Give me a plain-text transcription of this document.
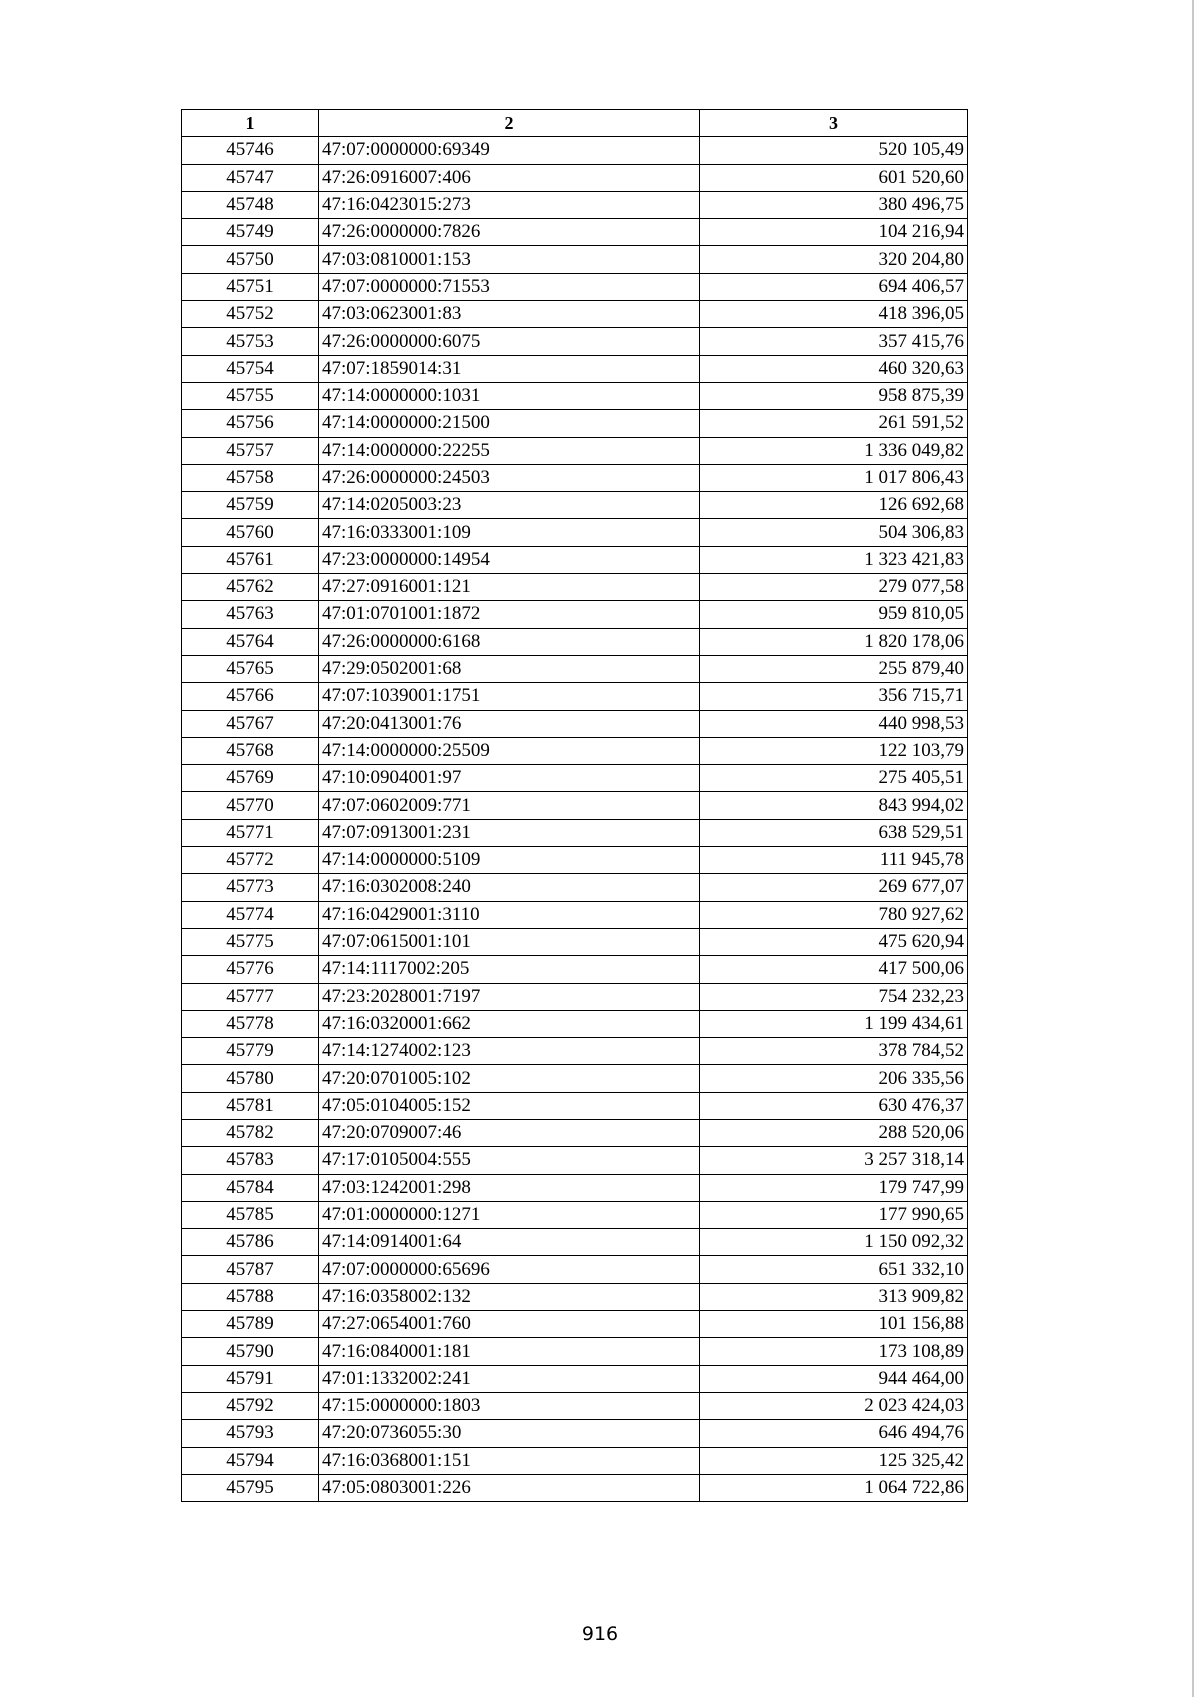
1	2	3
45746	47:07:0000000:69349	520 105,49
45747	47:26:0916007:406	601 520,60
45748	47:16:0423015:273	380 496,75
45749	47:26:0000000:7826	104 216,94
45750	47:03:0810001:153	320 204,80
45751	47:07:0000000:71553	694 406,57
45752	47:03:0623001:83	418 396,05
45753	47:26:0000000:6075	357 415,76
45754	47:07:1859014:31	460 320,63
45755	47:14:0000000:1031	958 875,39
45756	47:14:0000000:21500	261 591,52
45757	47:14:0000000:22255	1 336 049,82
45758	47:26:0000000:24503	1 017 806,43
45759	47:14:0205003:23	126 692,68
45760	47:16:0333001:109	504 306,83
45761	47:23:0000000:14954	1 323 421,83
45762	47:27:0916001:121	279 077,58
45763	47:01:0701001:1872	959 810,05
45764	47:26:0000000:6168	1 820 178,06
45765	47:29:0502001:68	255 879,40
45766	47:07:1039001:1751	356 715,71
45767	47:20:0413001:76	440 998,53
45768	47:14:0000000:25509	122 103,79
45769	47:10:0904001:97	275 405,51
45770	47:07:0602009:771	843 994,02
45771	47:07:0913001:231	638 529,51
45772	47:14:0000000:5109	111 945,78
45773	47:16:0302008:240	269 677,07
45774	47:16:0429001:3110	780 927,62
45775	47:07:0615001:101	475 620,94
45776	47:14:1117002:205	417 500,06
45777	47:23:2028001:7197	754 232,23
45778	47:16:0320001:662	1 199 434,61
45779	47:14:1274002:123	378 784,52
45780	47:20:0701005:102	206 335,56
45781	47:05:0104005:152	630 476,37
45782	47:20:0709007:46	288 520,06
45783	47:17:0105004:555	3 257 318,14
45784	47:03:1242001:298	179 747,99
45785	47:01:0000000:1271	177 990,65
45786	47:14:0914001:64	1 150 092,32
45787	47:07:0000000:65696	651 332,10
45788	47:16:0358002:132	313 909,82
45789	47:27:0654001:760	101 156,88
45790	47:16:0840001:181	173 108,89
45791	47:01:1332002:241	944 464,00
45792	47:15:0000000:1803	2 023 424,03
45793	47:20:0736055:30	646 494,76
45794	47:16:0368001:151	125 325,42
45795	47:05:0803001:226	1 064 722,86
916
